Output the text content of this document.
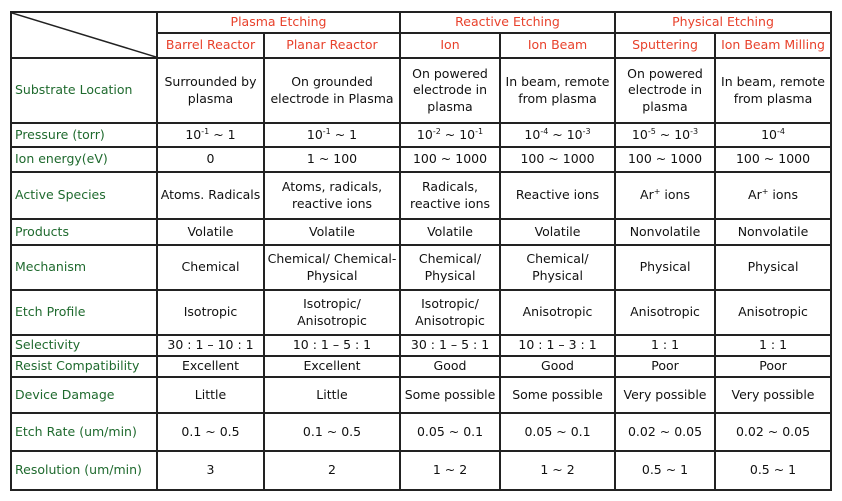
	Plasma Etching		Reactive Etching		Physical Etching	
	Barrel Reactor	Planar Reactor	Ion	Ion Beam	Sputtering	Ion Beam Milling
Substrate Location	Surrounded by plasma	On grounded electrode in Plasma	On powered electrode in plasma	In beam, remote from plasma	On powered electrode in plasma	In beam, remote from plasma
Pressure (torr)	$10^{-1}$ ~ 1	$10^{-1}$ ~ 1	$10^{-2}$ ~ $10^{-1}$	$10^{-4}$ ~ $10^{-3}$	$10^{-5}$ ~ $10^{-3}$	$10^{-4}$
Ion energy(eV)	0	1 ~ 100	100 ~ 1000	100 ~ 1000	100 ~ 1000	100 ~ 1000
Active Species	Atoms. Radicals	Atoms, radicals, reactive ions	Radicals, reactive ions	Reactive ions	Ar+ ions	Ar+ ions
Products	Volatile	Volatile	Volatile	Volatile	Nonvolatile	Nonvolatile
Mechanism	Chemical	Chemical/ Chemical-Physical	Chemical/ Physical	Chemical/ Physical	Physical	Physical
Etch Profile	Isotropic	Isotropic/ Anisotropic	Isotropic/ Anisotropic	Anisotropic	Anisotropic	Anisotropic
Selectivity	30 : 1 – 10 : 1	10 : 1 – 5 : 1	30 : 1 – 5 : 1	10 : 1 – 3 : 1	1 : 1	1 : 1
Resist Compatibility	Excellent	Excellent	Good	Good	Poor	Poor
Device Damage	Little	Little	Some possible	Some possible	Very possible	Very possible
Etch Rate (um/min)	0.1 ~ 0.5	0.1 ~ 0.5	0.05 ~ 0.1	0.05 ~ 0.1	0.02 ~ 0.05	0.02 ~ 0.05
Resolution (um/min)	3	2	1 ~ 2	1 ~ 2	0.5 ~ 1	0.5 ~ 1
